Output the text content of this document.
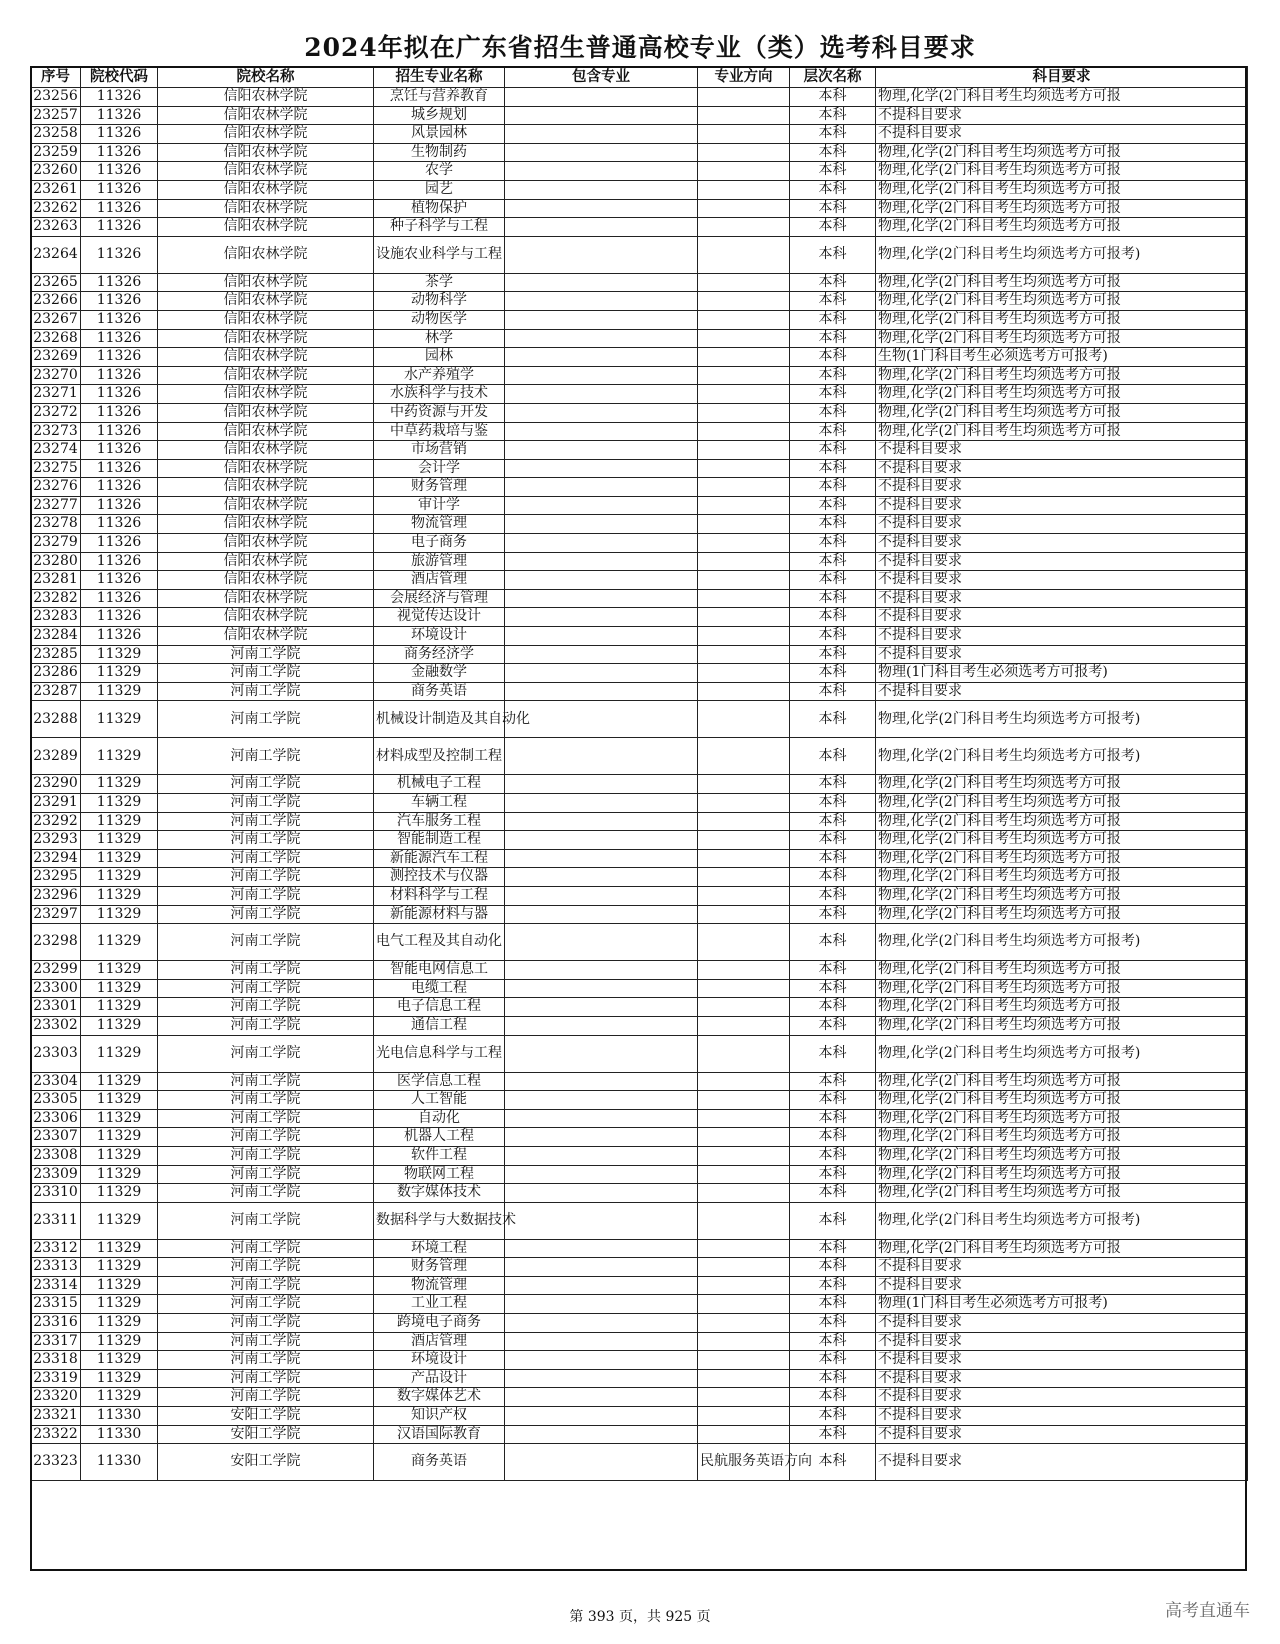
2024年拟在广东省招生普通高校专业（类）选考科目要求
序号	院校代码	院校名称	招生专业名称	包含专业	专业方向	层次名称	科目要求
23256	11326	信阳农林学院	烹饪与营养教育			本科	物理,化学(2门科目考生均须选考方可报
23257	11326	信阳农林学院	城乡规划			本科	不提科目要求
23258	11326	信阳农林学院	风景园林			本科	不提科目要求
23259	11326	信阳农林学院	生物制药			本科	物理,化学(2门科目考生均须选考方可报
23260	11326	信阳农林学院	农学			本科	物理,化学(2门科目考生均须选考方可报
23261	11326	信阳农林学院	园艺			本科	物理,化学(2门科目考生均须选考方可报
23262	11326	信阳农林学院	植物保护			本科	物理,化学(2门科目考生均须选考方可报
23263	11326	信阳农林学院	种子科学与工程			本科	物理,化学(2门科目考生均须选考方可报
23264	11326	信阳农林学院	设施农业科学与工程			本科	物理,化学(2门科目考生均须选考方可报考)
23265	11326	信阳农林学院	茶学			本科	物理,化学(2门科目考生均须选考方可报
23266	11326	信阳农林学院	动物科学			本科	物理,化学(2门科目考生均须选考方可报
23267	11326	信阳农林学院	动物医学			本科	物理,化学(2门科目考生均须选考方可报
23268	11326	信阳农林学院	林学			本科	物理,化学(2门科目考生均须选考方可报
23269	11326	信阳农林学院	园林			本科	生物(1门科目考生必须选考方可报考)
23270	11326	信阳农林学院	水产养殖学			本科	物理,化学(2门科目考生均须选考方可报
23271	11326	信阳农林学院	水族科学与技术			本科	物理,化学(2门科目考生均须选考方可报
23272	11326	信阳农林学院	中药资源与开发			本科	物理,化学(2门科目考生均须选考方可报
23273	11326	信阳农林学院	中草药栽培与鉴			本科	物理,化学(2门科目考生均须选考方可报
23274	11326	信阳农林学院	市场营销			本科	不提科目要求
23275	11326	信阳农林学院	会计学			本科	不提科目要求
23276	11326	信阳农林学院	财务管理			本科	不提科目要求
23277	11326	信阳农林学院	审计学			本科	不提科目要求
23278	11326	信阳农林学院	物流管理			本科	不提科目要求
23279	11326	信阳农林学院	电子商务			本科	不提科目要求
23280	11326	信阳农林学院	旅游管理			本科	不提科目要求
23281	11326	信阳农林学院	酒店管理			本科	不提科目要求
23282	11326	信阳农林学院	会展经济与管理			本科	不提科目要求
23283	11326	信阳农林学院	视觉传达设计			本科	不提科目要求
23284	11326	信阳农林学院	环境设计			本科	不提科目要求
23285	11329	河南工学院	商务经济学			本科	不提科目要求
23286	11329	河南工学院	金融数学			本科	物理(1门科目考生必须选考方可报考)
23287	11329	河南工学院	商务英语			本科	不提科目要求
23288	11329	河南工学院	机械设计制造及其自动化			本科	物理,化学(2门科目考生均须选考方可报考)
23289	11329	河南工学院	材料成型及控制工程			本科	物理,化学(2门科目考生均须选考方可报考)
23290	11329	河南工学院	机械电子工程			本科	物理,化学(2门科目考生均须选考方可报
23291	11329	河南工学院	车辆工程			本科	物理,化学(2门科目考生均须选考方可报
23292	11329	河南工学院	汽车服务工程			本科	物理,化学(2门科目考生均须选考方可报
23293	11329	河南工学院	智能制造工程			本科	物理,化学(2门科目考生均须选考方可报
23294	11329	河南工学院	新能源汽车工程			本科	物理,化学(2门科目考生均须选考方可报
23295	11329	河南工学院	测控技术与仪器			本科	物理,化学(2门科目考生均须选考方可报
23296	11329	河南工学院	材料科学与工程			本科	物理,化学(2门科目考生均须选考方可报
23297	11329	河南工学院	新能源材料与器			本科	物理,化学(2门科目考生均须选考方可报
23298	11329	河南工学院	电气工程及其自动化			本科	物理,化学(2门科目考生均须选考方可报考)
23299	11329	河南工学院	智能电网信息工			本科	物理,化学(2门科目考生均须选考方可报
23300	11329	河南工学院	电缆工程			本科	物理,化学(2门科目考生均须选考方可报
23301	11329	河南工学院	电子信息工程			本科	物理,化学(2门科目考生均须选考方可报
23302	11329	河南工学院	通信工程			本科	物理,化学(2门科目考生均须选考方可报
23303	11329	河南工学院	光电信息科学与工程			本科	物理,化学(2门科目考生均须选考方可报考)
23304	11329	河南工学院	医学信息工程			本科	物理,化学(2门科目考生均须选考方可报
23305	11329	河南工学院	人工智能			本科	物理,化学(2门科目考生均须选考方可报
23306	11329	河南工学院	自动化			本科	物理,化学(2门科目考生均须选考方可报
23307	11329	河南工学院	机器人工程			本科	物理,化学(2门科目考生均须选考方可报
23308	11329	河南工学院	软件工程			本科	物理,化学(2门科目考生均须选考方可报
23309	11329	河南工学院	物联网工程			本科	物理,化学(2门科目考生均须选考方可报
23310	11329	河南工学院	数字媒体技术			本科	物理,化学(2门科目考生均须选考方可报
23311	11329	河南工学院	数据科学与大数据技术			本科	物理,化学(2门科目考生均须选考方可报考)
23312	11329	河南工学院	环境工程			本科	物理,化学(2门科目考生均须选考方可报
23313	11329	河南工学院	财务管理			本科	不提科目要求
23314	11329	河南工学院	物流管理			本科	不提科目要求
23315	11329	河南工学院	工业工程			本科	物理(1门科目考生必须选考方可报考)
23316	11329	河南工学院	跨境电子商务			本科	不提科目要求
23317	11329	河南工学院	酒店管理			本科	不提科目要求
23318	11329	河南工学院	环境设计			本科	不提科目要求
23319	11329	河南工学院	产品设计			本科	不提科目要求
23320	11329	河南工学院	数字媒体艺术			本科	不提科目要求
23321	11330	安阳工学院	知识产权			本科	不提科目要求
23322	11330	安阳工学院	汉语国际教育			本科	不提科目要求
23323	11330	安阳工学院	商务英语		民航服务英语方向	本科	不提科目要求
第 393 页，共 925 页	高考直通车
